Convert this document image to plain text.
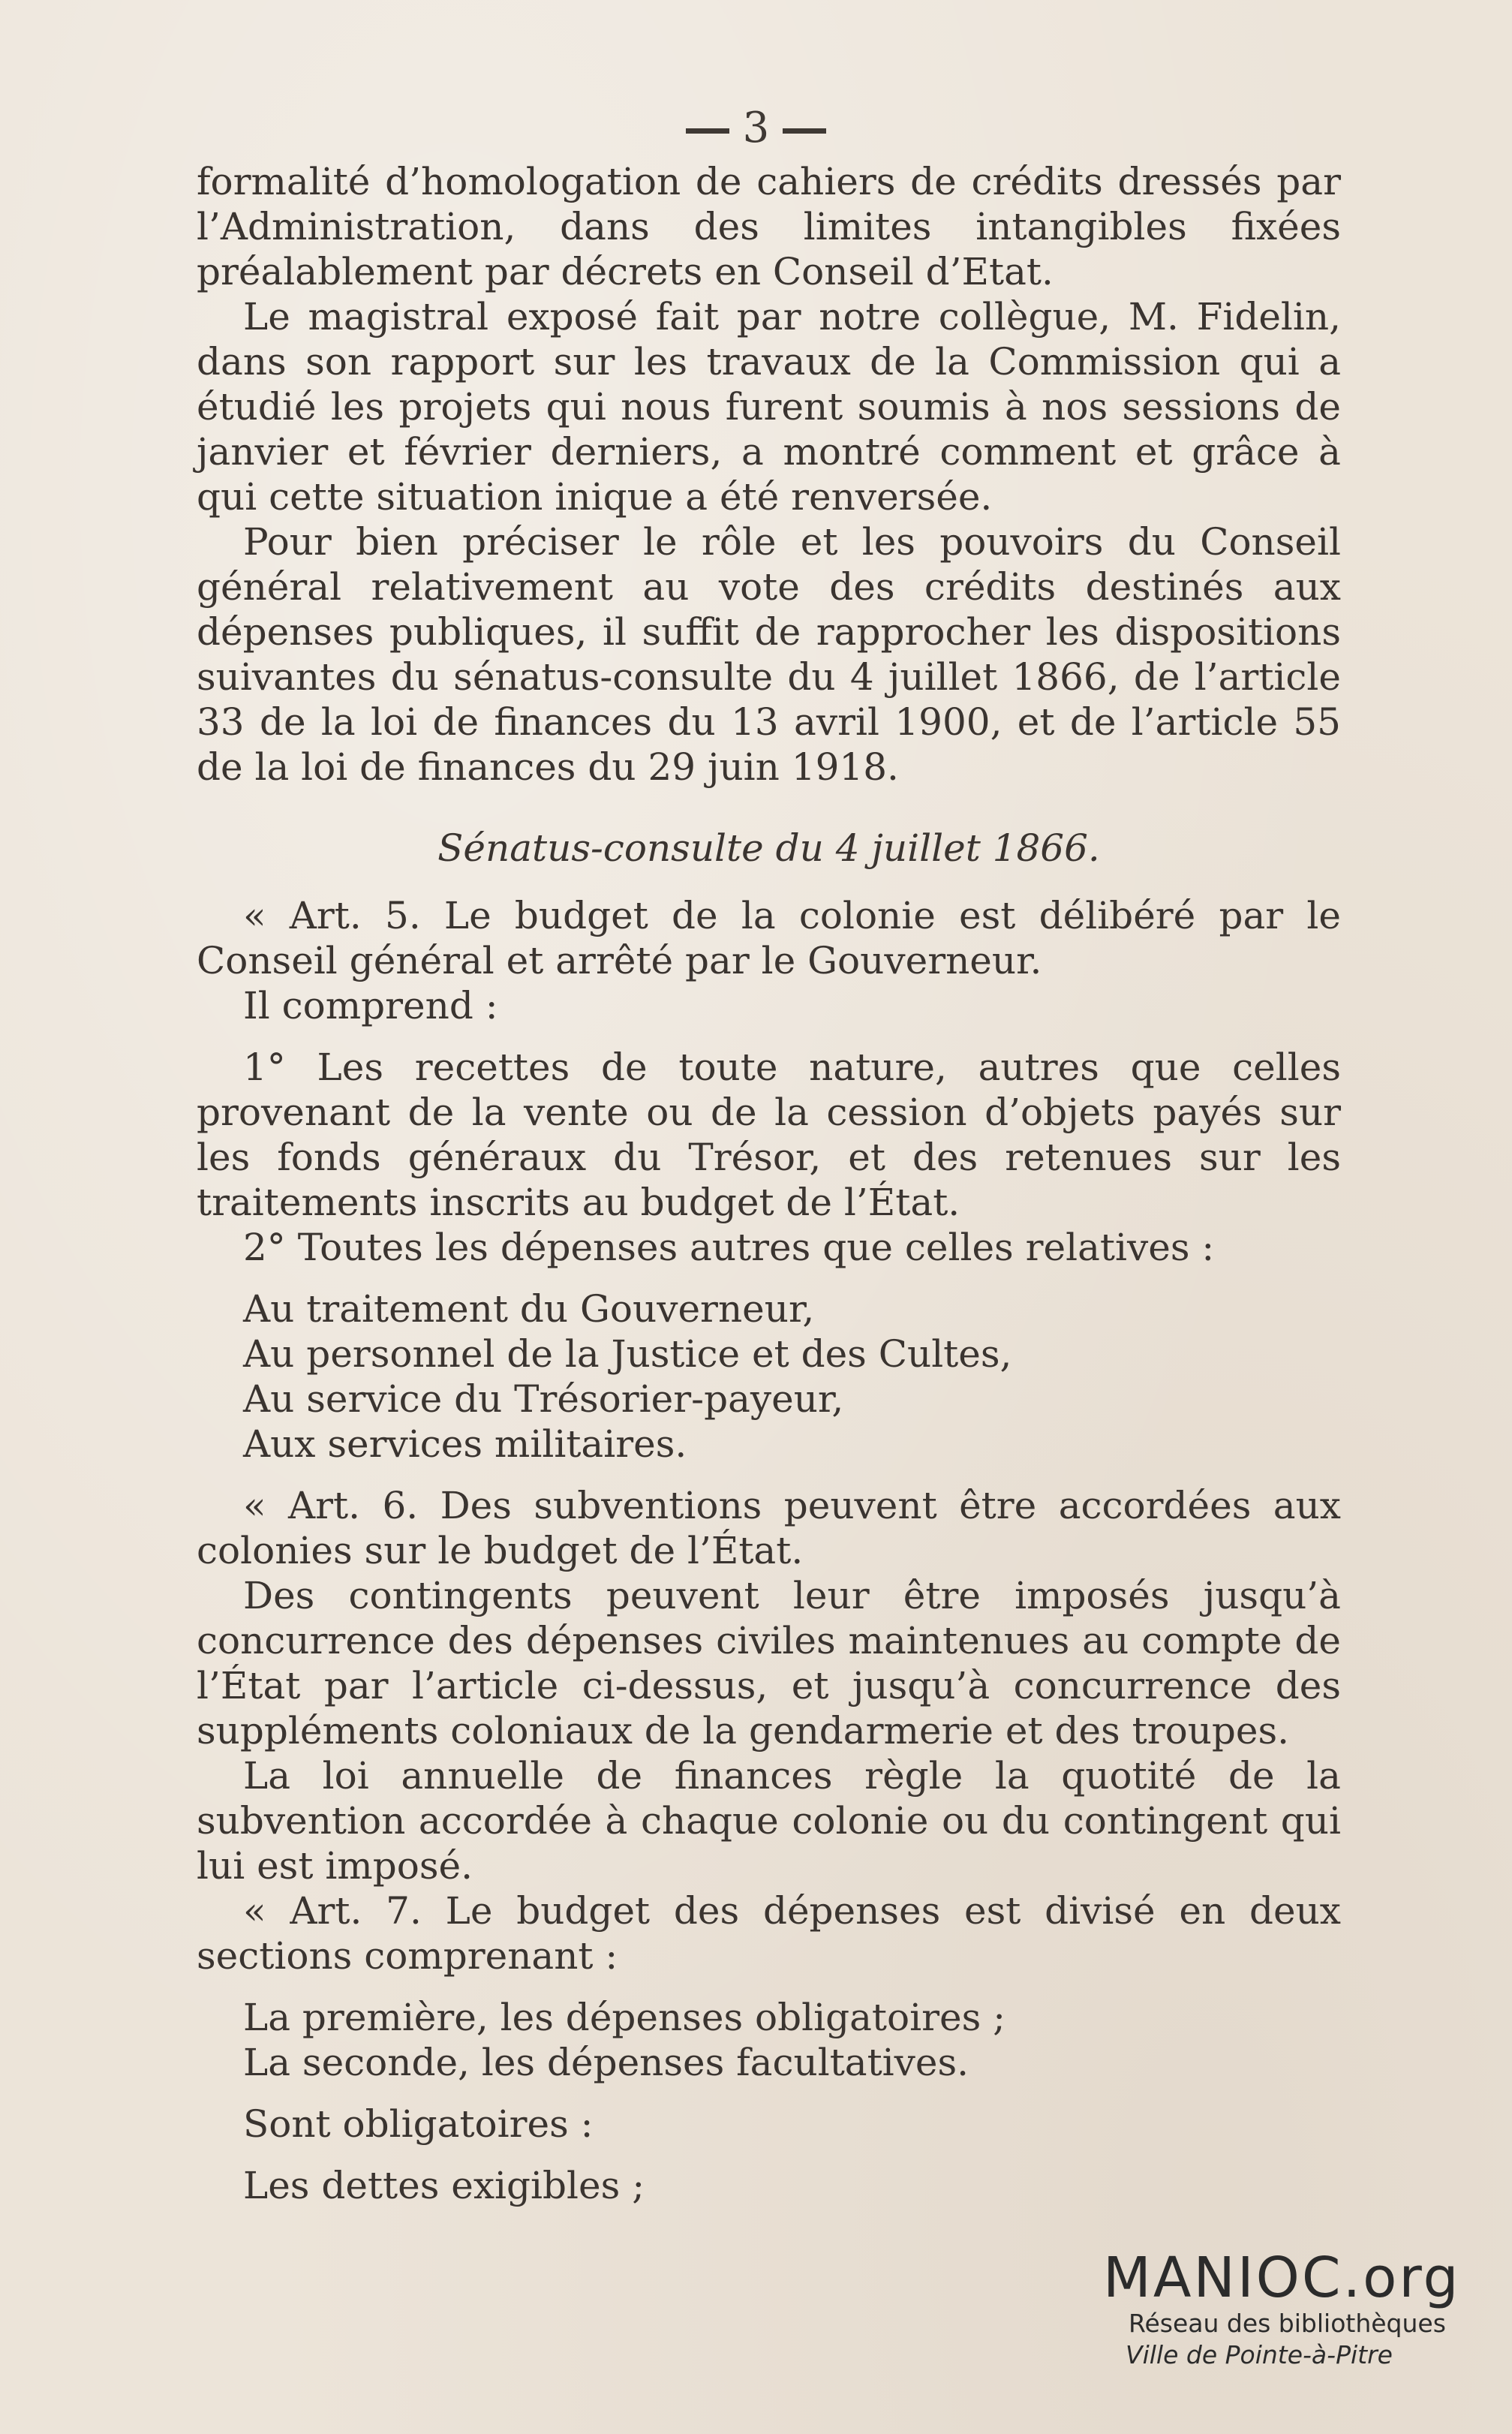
3

formalité d’homologation de cahiers de crédits dressés par l’Administration, dans des limites intangibles fixées préalablement par décrets en Conseil d’Etat.

Le magistral exposé fait par notre collègue, M. Fidelin, dans son rapport sur les travaux de la Commission qui a étudié les projets qui nous furent soumis à nos sessions de janvier et février derniers, a montré comment et grâce à qui cette situation inique a été renversée.

Pour bien préciser le rôle et les pouvoirs du Conseil général relativement au vote des crédits destinés aux dépenses publiques, il suffit de rapprocher les dispositions suivantes du sénatus-consulte du 4 juillet 1866, de l’article 33 de la loi de finances du 13 avril 1900, et de l’article 55 de la loi de finances du 29 juin 1918.

Sénatus-consulte du 4 juillet 1866.

« Art. 5. Le budget de la colonie est délibéré par le Conseil général et arrêté par le Gouverneur.

Il comprend :

1° Les recettes de toute nature, autres que celles provenant de la vente ou de la cession d’objets payés sur les fonds généraux du Trésor, et des retenues sur les traitements inscrits au budget de l’État.

2° Toutes les dépenses autres que celles relatives :

Au traitement du Gouverneur,

Au personnel de la Justice et des Cultes,

Au service du Trésorier-payeur,

Aux services militaires.

« Art. 6. Des subventions peuvent être accordées aux colonies sur le budget de l’État.

Des contingents peuvent leur être imposés jusqu’à concurrence des dépenses civiles maintenues au compte de l’État par l’article ci-dessus, et jusqu’à concurrence des suppléments coloniaux de la gendarmerie et des troupes.

La loi annuelle de finances règle la quotité de la subvention accordée à chaque colonie ou du contingent qui lui est imposé.

« Art. 7. Le budget des dépenses est divisé en deux sections comprenant :

La première, les dépenses obligatoires ;

La seconde, les dépenses facultatives.

Sont obligatoires :

Les dettes exigibles ;

MANIOC.org
Réseau des bibliothèques
Ville de Pointe-à-Pitre
